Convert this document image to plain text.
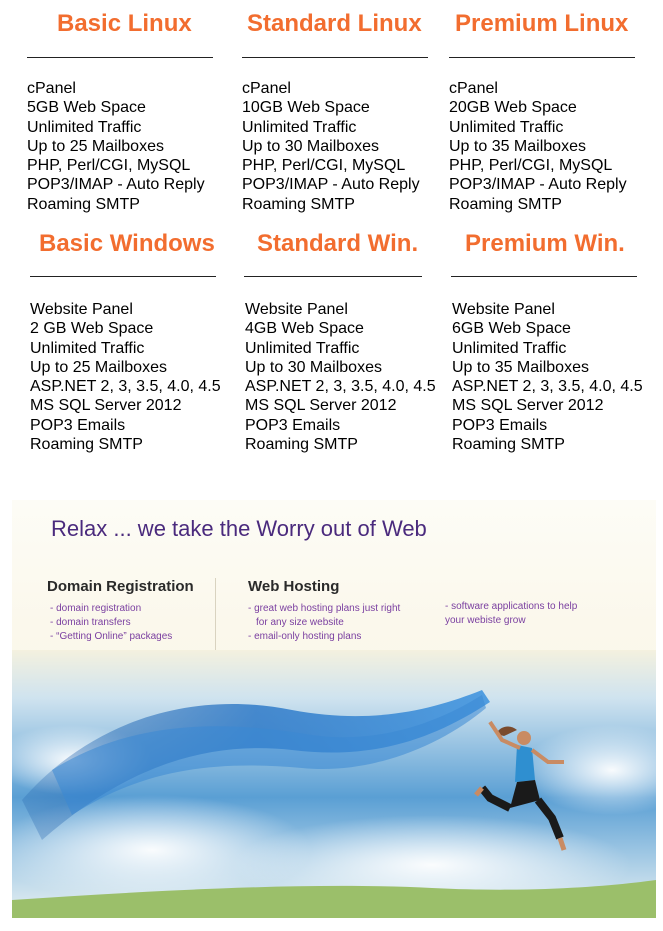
Basic Linux
cPanel
5GB Web Space
Unlimited Traffic
Up to 25 Mailboxes
PHP, Perl/CGI, MySQL
POP3/IMAP - Auto Reply
Roaming SMTP
Standard Linux
cPanel
10GB Web Space
Unlimited Traffic
Up to 30 Mailboxes
PHP, Perl/CGI, MySQL
POP3/IMAP - Auto Reply
Roaming SMTP
Premium Linux
cPanel
20GB Web Space
Unlimited Traffic
Up to 35 Mailboxes
PHP, Perl/CGI, MySQL
POP3/IMAP - Auto Reply
Roaming SMTP
Basic Windows
Website Panel
2 GB Web Space
Unlimited Traffic
Up to 25 Mailboxes
ASP.NET 2, 3, 3.5, 4.0, 4.5
MS SQL Server 2012
POP3 Emails
Roaming SMTP
Standard Win.
Website Panel
4GB Web Space
Unlimited Traffic
Up to 30 Mailboxes
ASP.NET 2, 3, 3.5, 4.0, 4.5
MS SQL Server 2012
POP3 Emails
Roaming SMTP
Premium Win.
Website Panel
6GB Web Space
Unlimited Traffic
Up to 35 Mailboxes
ASP.NET 2, 3, 3.5, 4.0, 4.5
MS SQL Server 2012
POP3 Emails
Roaming SMTP
Relax ... we take the Worry out of Web
Domain Registration
- domain registration
- domain transfers
- “Getting Online” packages
Web Hosting
- great web hosting plans just right
for any size website
- email-only hosting plans
- software applications to help
your webiste grow
